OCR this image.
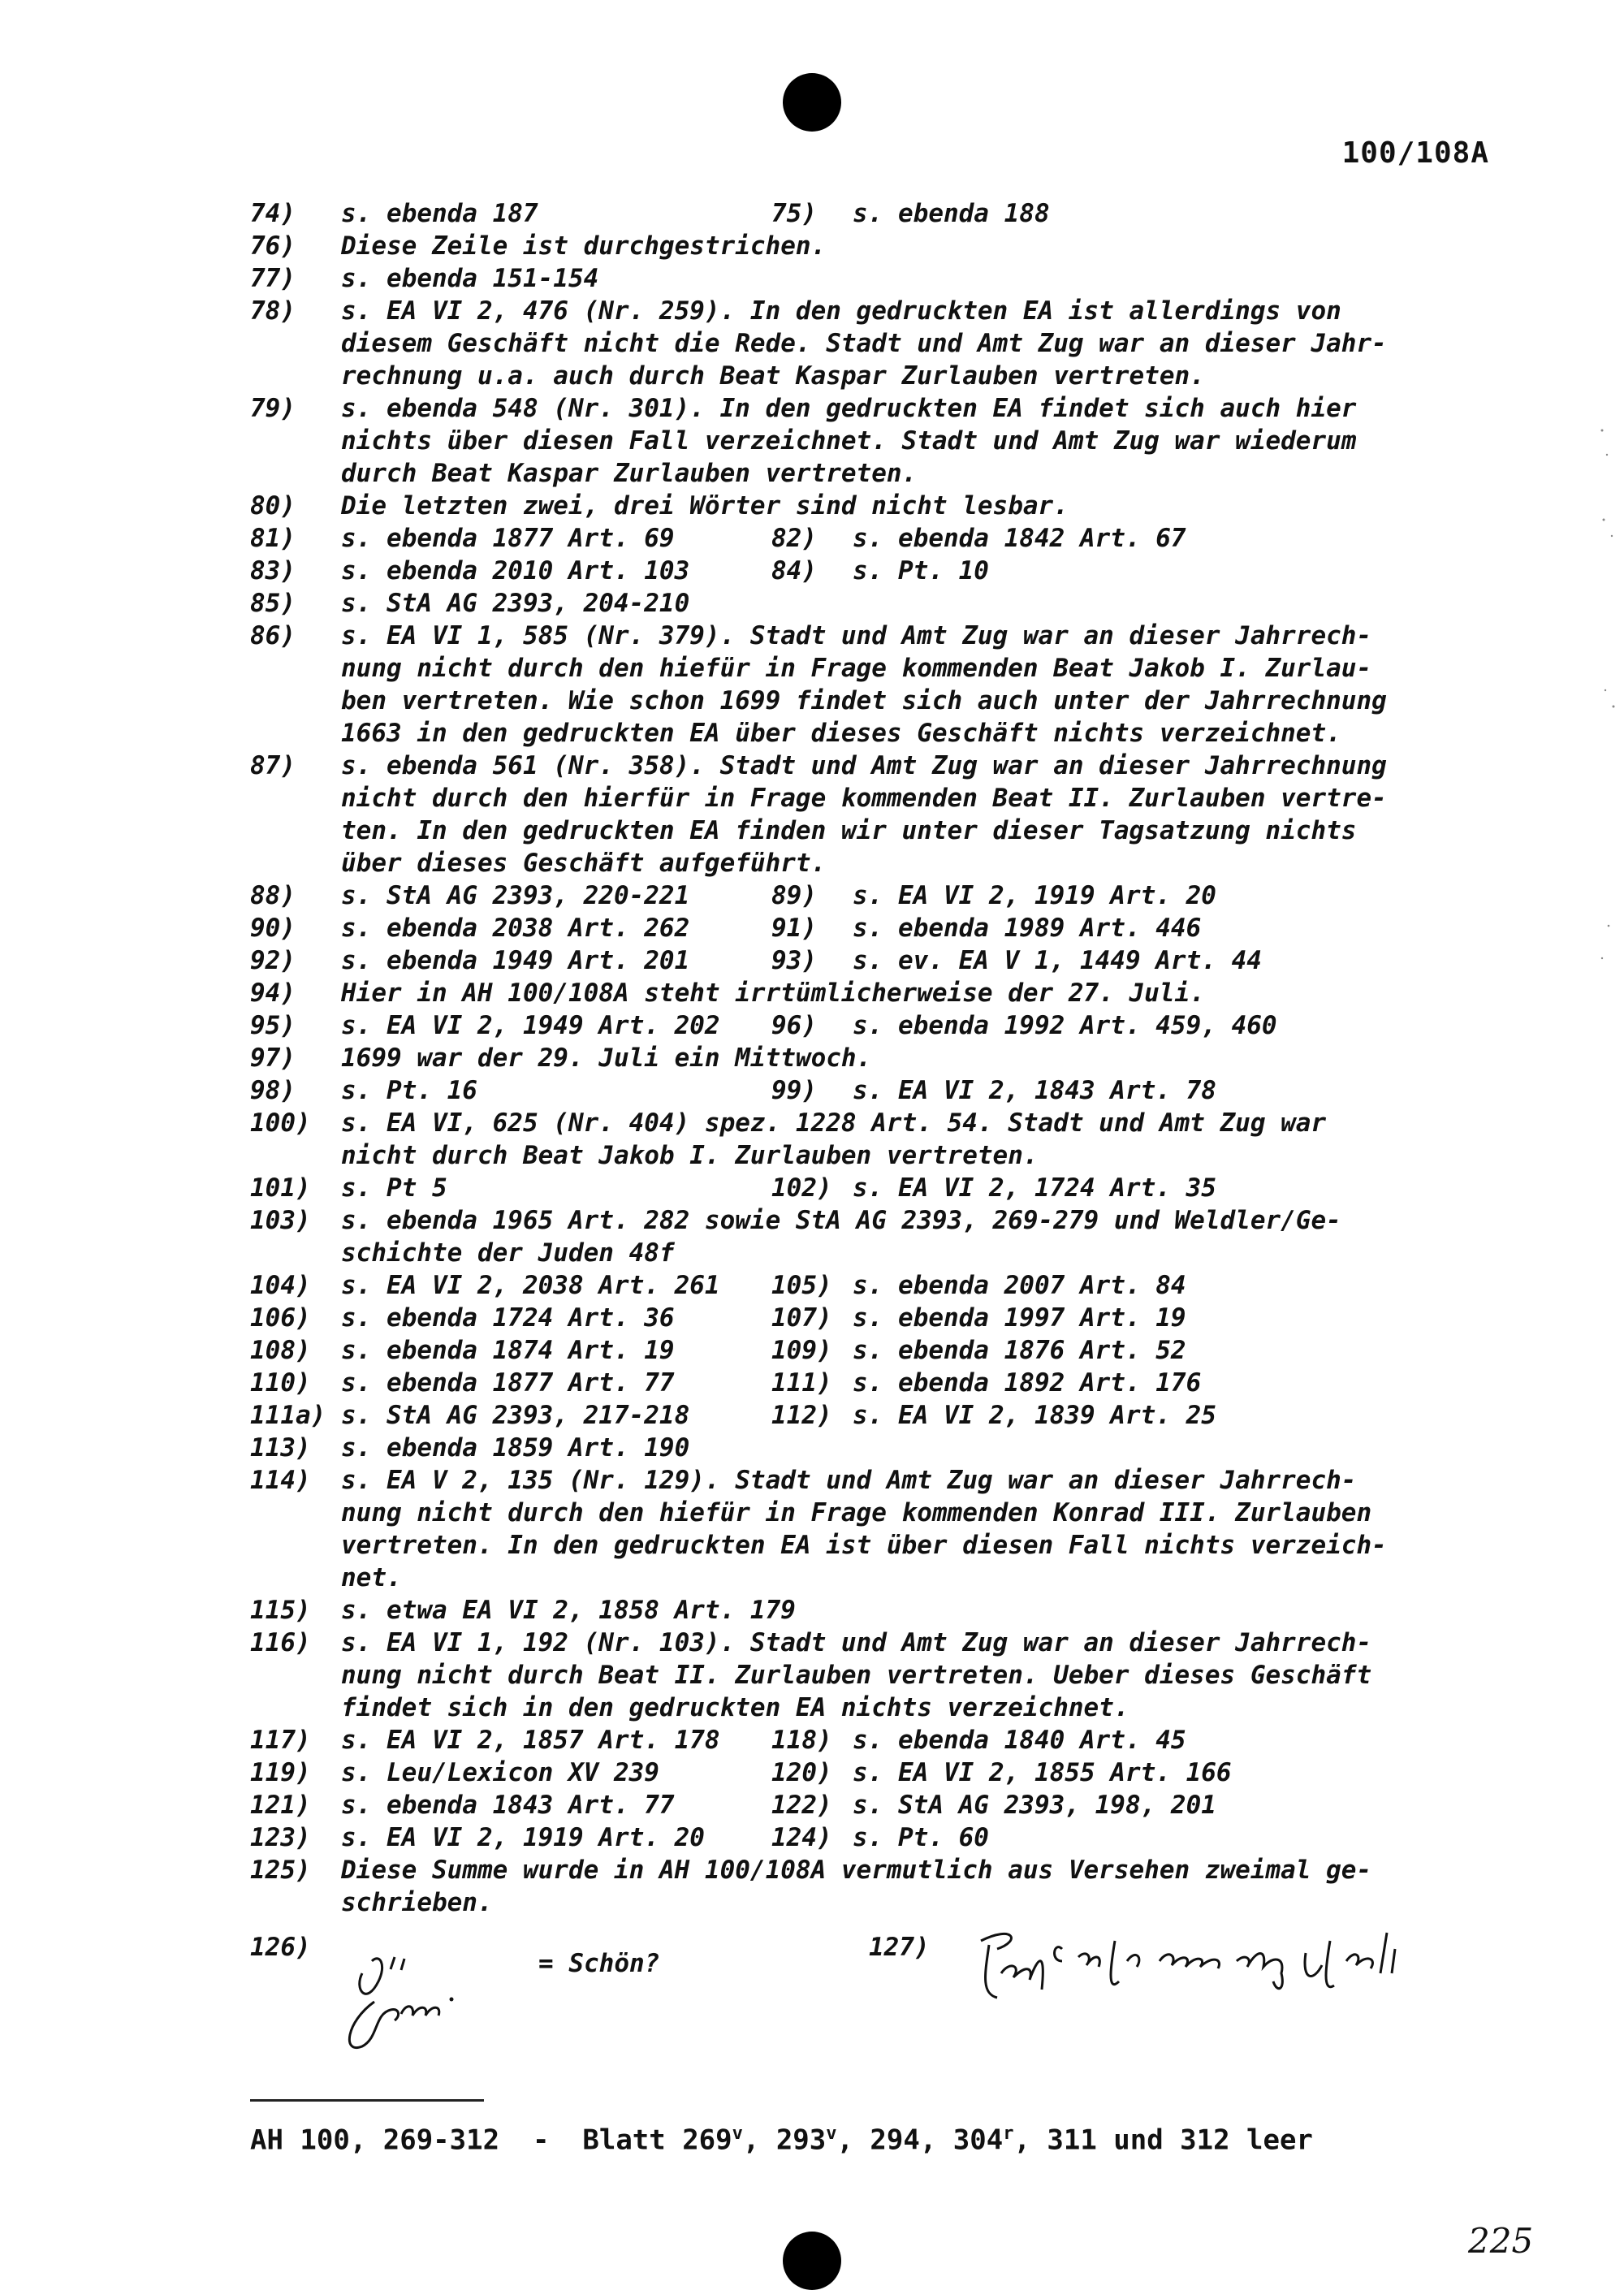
100/108A
74)	s. ebenda 187	75)	s. ebenda 188
76)	Diese Zeile ist durchgestrichen.
77)	s. ebenda 151-154
78)	s. EA VI 2, 476 (Nr. 259). In den gedruckten EA ist allerdings von
diesem Geschäft nicht die Rede. Stadt und Amt Zug war an dieser Jahr-
rechnung u.a. auch durch Beat Kaspar Zurlauben vertreten.
79)	s. ebenda 548 (Nr. 301). In den gedruckten EA findet sich auch hier
nichts über diesen Fall verzeichnet. Stadt und Amt Zug war wiederum
durch Beat Kaspar Zurlauben vertreten.
80)	Die letzten zwei, drei Wörter sind nicht lesbar.
81)	s. ebenda 1877 Art. 69	82)	s. ebenda 1842 Art. 67
83)	s. ebenda 2010 Art. 103	84)	s. Pt. 10
85)	s. StA AG 2393, 204-210
86)	s. EA VI 1, 585 (Nr. 379). Stadt und Amt Zug war an dieser Jahrrech-
nung nicht durch den hiefür in Frage kommenden Beat Jakob I. Zurlau-
ben vertreten. Wie schon 1699 findet sich auch unter der Jahrrechnung
1663 in den gedruckten EA über dieses Geschäft nichts verzeichnet.
87)	s. ebenda 561 (Nr. 358). Stadt und Amt Zug war an dieser Jahrrechnung
nicht durch den hierfür in Frage kommenden Beat II. Zurlauben vertre-
ten. In den gedruckten EA finden wir unter dieser Tagsatzung nichts
über dieses Geschäft aufgeführt.
88)	s. StA AG 2393, 220-221	89)	s. EA VI 2, 1919 Art. 20
90)	s. ebenda 2038 Art. 262	91)	s. ebenda 1989 Art. 446
92)	s. ebenda 1949 Art. 201	93)	s. ev. EA V 1, 1449 Art. 44
94)	Hier in AH 100/108A steht irrtümlicherweise der 27. Juli.
95)	s. EA VI 2, 1949 Art. 202 96)	s. ebenda 1992 Art. 459, 460
97)	1699 war der 29. Juli ein Mittwoch.
98)	s. Pt. 16	99)	s. EA VI 2, 1843 Art. 78
100)	s. EA VI, 625 (Nr. 404) spez. 1228 Art. 54. Stadt und Amt Zug war
nicht durch Beat Jakob I. Zurlauben vertreten.
101)	s. Pt 5	102) s. EA VI 2, 1724 Art. 35
103)	s. ebenda 1965 Art. 282 sowie StA AG 2393, 269-279 und Weldler/Ge-
schichte der Juden 48f
104)	s. EA VI 2, 2038 Art. 261 105) s. ebenda 2007 Art. 84
106)	s. ebenda 1724 Art. 36	107) s. ebenda 1997 Art. 19
108)	s. ebenda 1874 Art. 19	109) s. ebenda 1876 Art. 52
110)	s. ebenda 1877 Art. 77	111) s. ebenda 1892 Art. 176
111a) s. StA AG 2393, 217-218	112) s. EA VI 2, 1839 Art. 25
113)	s. ebenda 1859 Art. 190
114)	s. EA V 2, 135 (Nr. 129). Stadt und Amt Zug war an dieser Jahrrech-
nung nicht durch den hiefür in Frage kommenden Konrad III. Zurlauben
vertreten. In den gedruckten EA ist über diesen Fall nichts verzeich-
net.
115)	s. etwa EA VI 2, 1858 Art. 179
116)	s. EA VI 1, 192 (Nr. 103). Stadt und Amt Zug war an dieser Jahrrech-
nung nicht durch Beat II. Zurlauben vertreten. Ueber dieses Geschäft
findet sich in den gedruckten EA nichts verzeichnet.
117)	s. EA VI 2, 1857 Art. 178 118) s. ebenda 1840 Art. 45
119)	s. Leu/Lexicon XV 239	120) s. EA VI 2, 1855 Art. 166
121)	s. ebenda 1843 Art. 77	122) s. StA AG 2393, 198, 201
123)	s. EA VI 2, 1919 Art. 20	124) s. Pt. 60
125)	Diese Summe wurde in AH 100/108A vermutlich aus Versehen zweimal ge-
schrieben.
126)
= Schön?
127)
AH 100, 269-312  -  Blatt 269$^v$, 293$^v$, 294, 304$^r$, 311 und 312 leer
225
